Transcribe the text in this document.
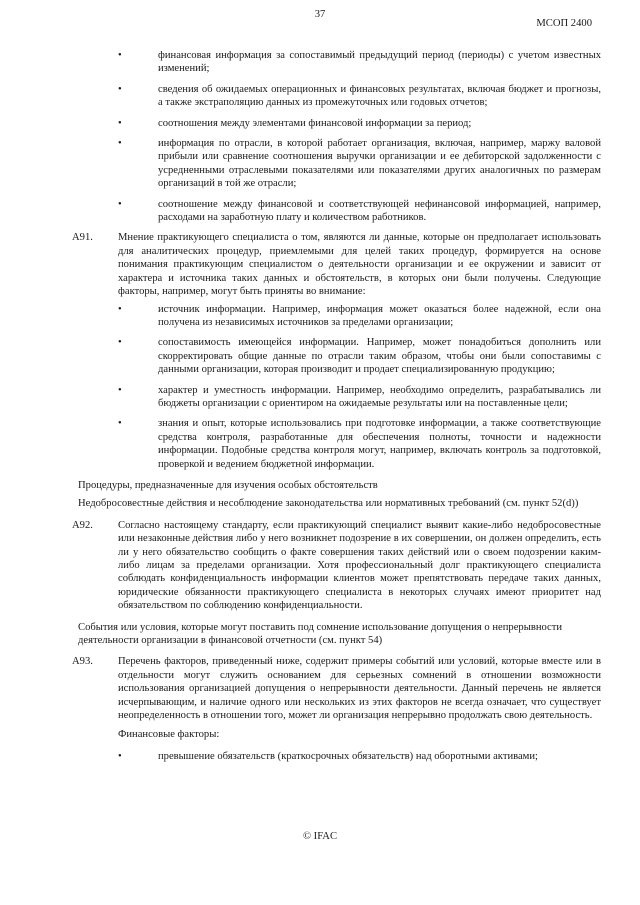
37
МСОП 2400
• финансовая информация за сопоставимый предыдущий период (периоды) с учетом известных изменений;
• сведения об ожидаемых операционных и финансовых результатах, включая бюджет и прогнозы, а также экстраполяцию данных из промежуточных или годовых отчетов;
• соотношения между элементами финансовой информации за период;
• информация по отрасли, в которой работает организация, включая, например, маржу валовой прибыли или сравнение соотношения выручки организации и ее дебиторской задолженности с усредненными отраслевыми показателями или показателями других аналогичных по размерам организаций в той же отрасли;
• соотношение между финансовой и соответствующей нефинансовой информацией, например, расходами на заработную плату и количеством работников.
A91. Мнение практикующего специалиста о том, являются ли данные, которые он предполагает использовать для аналитических процедур, приемлемыми для целей таких процедур, формируется на основе понимания практикующим специалистом о деятельности организации и ее окружении и зависит от характера и источника таких данных и обстоятельств, в которых они были получены. Следующие факторы, например, могут быть приняты во внимание:
• источник информации. Например, информация может оказаться более надежной, если она получена из независимых источников за пределами организации;
• сопоставимость имеющейся информации. Например, может понадобиться дополнить или скорректировать общие данные по отрасли таким образом, чтобы они были сопоставимы с данными организации, которая производит и продает специализированную продукцию;
• характер и уместность информации. Например, необходимо определить, разрабатывались ли бюджеты организации с ориентиром на ожидаемые результаты или на поставленные цели;
• знания и опыт, которые использовались при подготовке информации, а также соответствующие средства контроля, разработанные для обеспечения полноты, точности и надежности информации. Подобные средства контроля могут, например, включать контроль за подготовкой, проверкой и ведением бюджетной информации.
Процедуры, предназначенные для изучения особых обстоятельств
Недобросовестные действия и несоблюдение законодательства или нормативных требований (см. пункт 52(d))
A92. Согласно настоящему стандарту, если практикующий специалист выявит какие-либо недобросовестные или незаконные действия либо у него возникнет подозрение в их совершении, он должен определить, есть ли у него обязательство сообщить о факте совершения таких действий или о своем подозрении каким-либо лицам за пределами организации. Хотя профессиональный долг практикующего специалиста соблюдать конфиденциальность информации клиентов может препятствовать передаче таких данных, юридические обязанности практикующего специалиста в некоторых случаях имеют приоритет над обязательством по соблюдению конфиденциальности.
События или условия, которые могут поставить под сомнение использование допущения о непрерывности деятельности организации в финансовой отчетности (см. пункт 54)
A93. Перечень факторов, приведенный ниже, содержит примеры событий или условий, которые вместе или в отдельности могут служить основанием для серьезных сомнений в отношении возможности использования организацией допущения о непрерывности деятельности. Данный перечень не является исчерпывающим, и наличие одного или нескольких из этих факторов не всегда означает, что существует неопределенность в отношении того, может ли организация непрерывно продолжать свою деятельность.
Финансовые факторы:
• превышение обязательств (краткосрочных обязательств) над оборотными активами;
© IFAC
